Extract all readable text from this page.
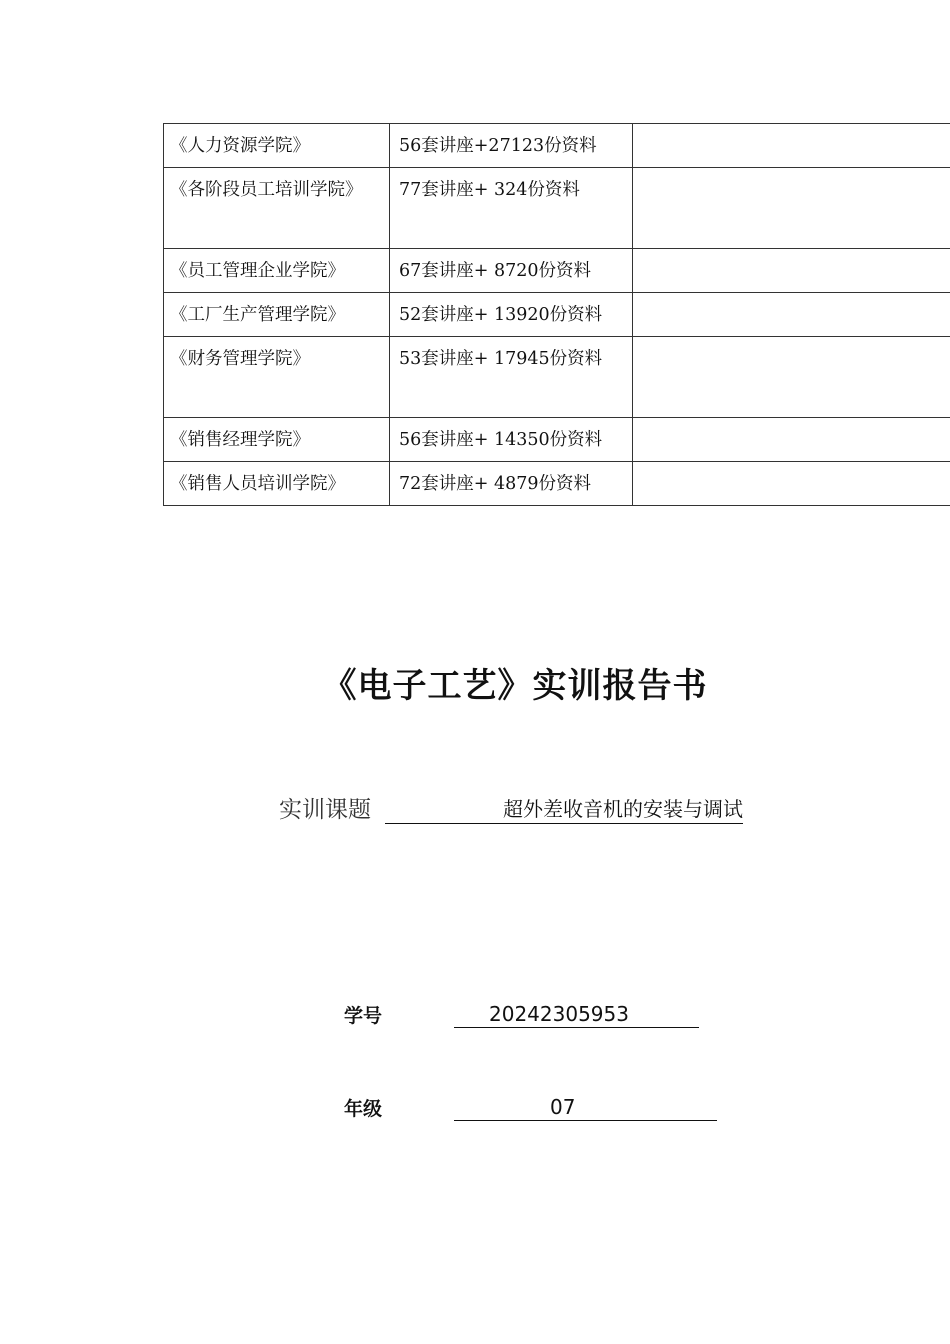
《人力资源学院》	56套讲座+27123份资料	
《各阶段员工培训学院》	77套讲座+ 324份资料	
《员工管理企业学院》	67套讲座+ 8720份资料	
《工厂生产管理学院》	52套讲座+ 13920份资料	
《财务管理学院》	53套讲座+ 17945份资料	
《销售经理学院》	56套讲座+ 14350份资料	
《销售人员培训学院》	72套讲座+ 4879份资料	
《电子工艺》实训报告书
实训课题	超外差收音机的安装与调试
学号	20242305953
年级	07
